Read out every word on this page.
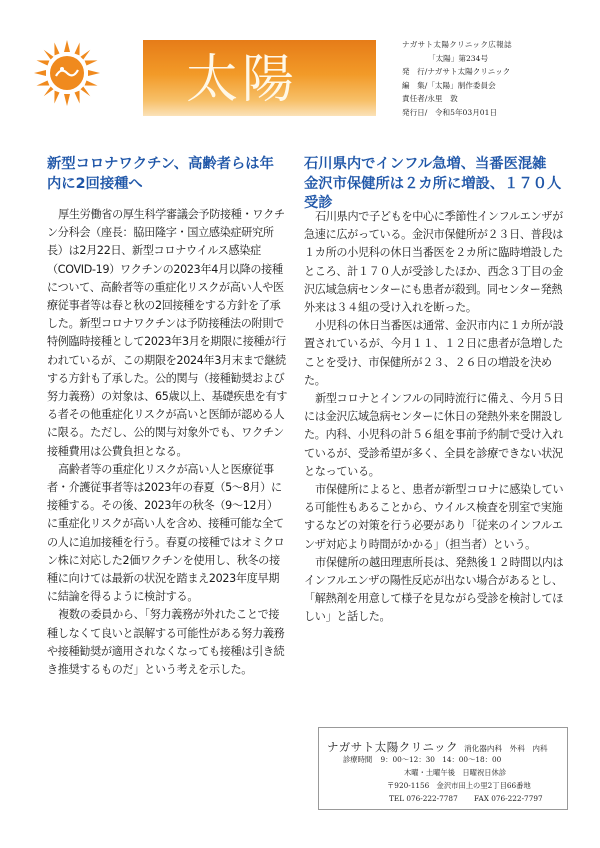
太陽
ナガサト太陽クリニック広報誌
「太陽」第234号
発　行/ナガサト太陽クリニック
編　集/「太陽」制作委員会
責任者/永里　敦
発行日/　令和5年03月01日
新型コロナワクチン、高齢者らは年内に2回接種へ

厚生労働省の厚生科学審議会予防接種・ワクチン分科会（座長：脇田隆字・国立感染症研究所長）は2月22日、新型コロナウイルス感染症（COVID-19）ワクチンの2023年4月以降の接種について、高齢者等の重症化リスクが高い人や医療従事者等は春と秋の2回接種をする方針を了承した。新型コロナワクチンは予防接種法の附則で特例臨時接種として2023年3月を期限に接種が行われているが、この期限を2024年3月末まで継続する方針も了承した。公的関与（接種勧奨および努力義務）の対象は、65歳以上、基礎疾患を有する者その他重症化リスクが高いと医師が認める人に限る。ただし、公的関与対象外でも、ワクチン接種費用は公費負担となる。

高齢者等の重症化リスクが高い人と医療従事者・介護従事者等は2023年の春夏（5〜8月）に接種する。その後、2023年の秋冬（9〜12月）に重症化リスクが高い人を含め、接種可能な全ての人に追加接種を行う。春夏の接種ではオミクロン株に対応した2価ワクチンを使用し、秋冬の接種に向けては最新の状況を踏まえ2023年度早期に結論を得るように検討する。

複数の委員から、「努力義務が外れたことで接種しなくて良いと誤解する可能性がある努力義務や接種勧奨が適用されなくなっても接種は引き続き推奨するものだ」という考えを示した。

石川県内でインフル急増、当番医混雑　金沢市保健所は２カ所に増設、１７０人受診

石川県内で子どもを中心に季節性インフルエンザが急速に広がっている。金沢市保健所が２３日、普段は１カ所の小児科の休日当番医を２カ所に臨時増設したところ、計１７０人が受診したほか、西念３丁目の金沢広域急病センターにも患者が殺到。同センター発熱外来は３４組の受け入れを断った。

小児科の休日当番医は通常、金沢市内に１カ所が設置されているが、今月１１、１２日に患者が急増したことを受け、市保健所が２３、２６日の増設を決めた。

新型コロナとインフルの同時流行に備え、今月５日には金沢広域急病センターに休日の発熱外来を開設した。内科、小児科の計５６組を事前予約制で受け入れているが、受診希望が多く、全員を診療できない状況となっている。

市保健所によると、患者が新型コロナに感染している可能性もあることから、ウイルス検査を別室で実施するなどの対策を行う必要があり「従来のインフルエンザ対応より時間がかかる」（担当者）という。

市保健所の越田理恵所長は、発熱後１２時間以内はインフルエンザの陽性反応が出ない場合があるとし、「解熱剤を用意して様子を見ながら受診を検討してほしい」と話した。

ナガサト太陽クリニック 消化器内科　外科　内科
診療時間 9：00〜12：30　14：00〜18：00
木曜・土曜午後　日曜祝日休診
〒920-1156　金沢市田上の里2丁目66番地
TEL 076-222-7787 FAX 076-222-7797
